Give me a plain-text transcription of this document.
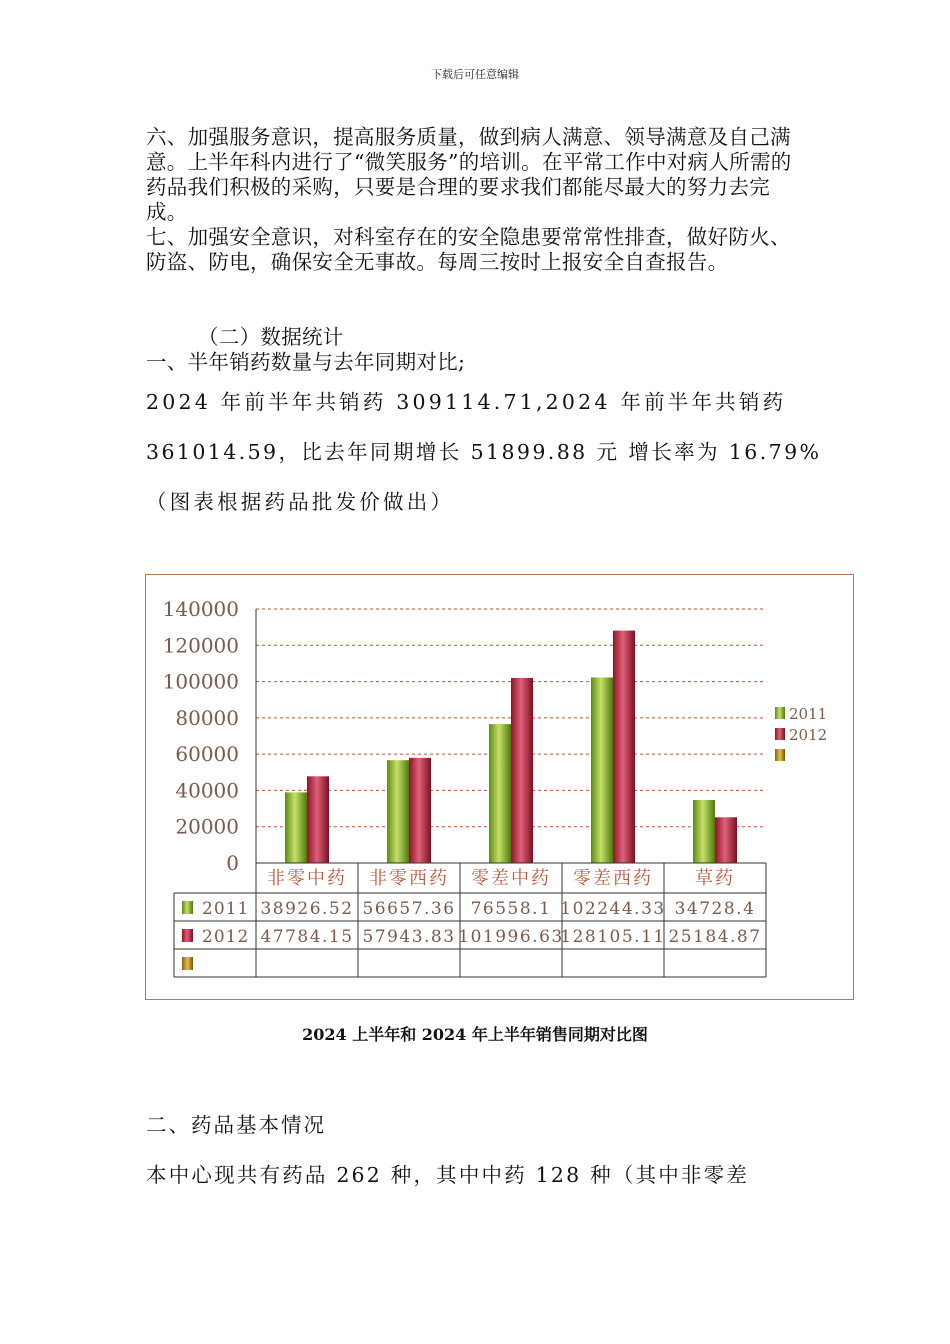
下载后可任意编辑
六、加强服务意识，提高服务质量，做到病人满意、领导满意及自己满意。上半年科内进行了“微笑服务”的培训。在平常工作中对病人所需的药品我们积极的采购，只要是合理的要求我们都能尽最大的努力去完成。
七、加强安全意识，对科室存在的安全隐患要常常性排查，做好防火、防盗、防电，确保安全无事故。每周三按时上报安全自查报告。
（二）数据统计
一、半年销药数量与去年同期对比;
2024 年前半年共销药 309114.71,2024 年前半年共销药
361014.59，比去年同期增长 51899.88 元 增长率为 16.79%
（图表根据药品批发价做出）
0
20000
40000
60000
80000
100000
120000
140000
非零中药 非零西药 零差中药 零差西药 草药
2011 38926.52 56657.36 76558.1 102244.33 34728.4
2012 47784.15 57943.83 101996.63
128105.11 25184.87
2011
2012
2024 上半年和 2024 年上半年销售同期对比图
二、药品基本情况
本中心现共有药品 262 种，其中中药 128 种（其中非零差
